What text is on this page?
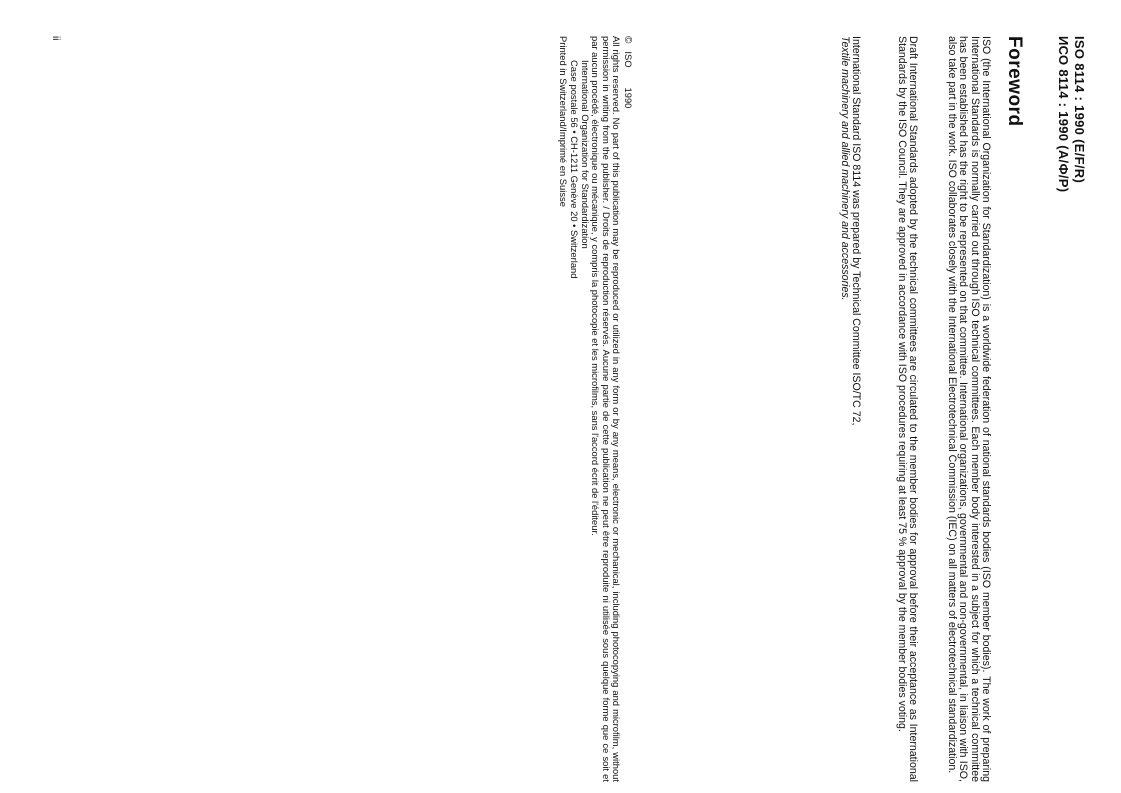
ISO 8114 : 1990 (E/F/R)
ИСО 8114 : 1990 (А/Ф/Р)
Foreword
ISO (the International Organization for Standardization) is a worldwide federation of national standards bodies (ISO member bodies). The work of preparing International Standards is normally carried out through ISO technical committees. Each member body interested in a subject for which a technical committee has been established has the right to be represented on that committee. International organizations, governmental and non-governmental, in liaison with ISO, also take part in the work. ISO collaborates closely with the International Electrotechnical Commission (IEC) on all matters of electrotechnical standardization.
Draft International Standards adopted by the technical committees are circulated to the member bodies for approval before their acceptance as International Standards by the ISO Council. They are approved in accordance with ISO procedures requiring at least 75 % approval by the member bodies voting.
International Standard ISO 8114 was prepared by Technical Committee ISO/TC 72,
Textile machinery and allied machinery and accessories.
©ISO1990
All rights reserved. No part of this publication may be reproduced or utilized in any form or by any means, electronic or mechanical, including photocopying and microfilm, without permission in writing from the publisher. / Droits de reproduction réservés. Aucune partie de cette publication ne peut être reproduite ni utilisée sous quelque forme que ce soit et par aucun procédé, électronique ou mécanique, y compris la photocopie et les microfilms, sans l'accord écrit de l'éditeur.
International Organization for Standardization
Case postale 56 • CH-1211 Genève 20 • Switzerland
Printed in Switzerland/Imprimé en Suisse
ii
